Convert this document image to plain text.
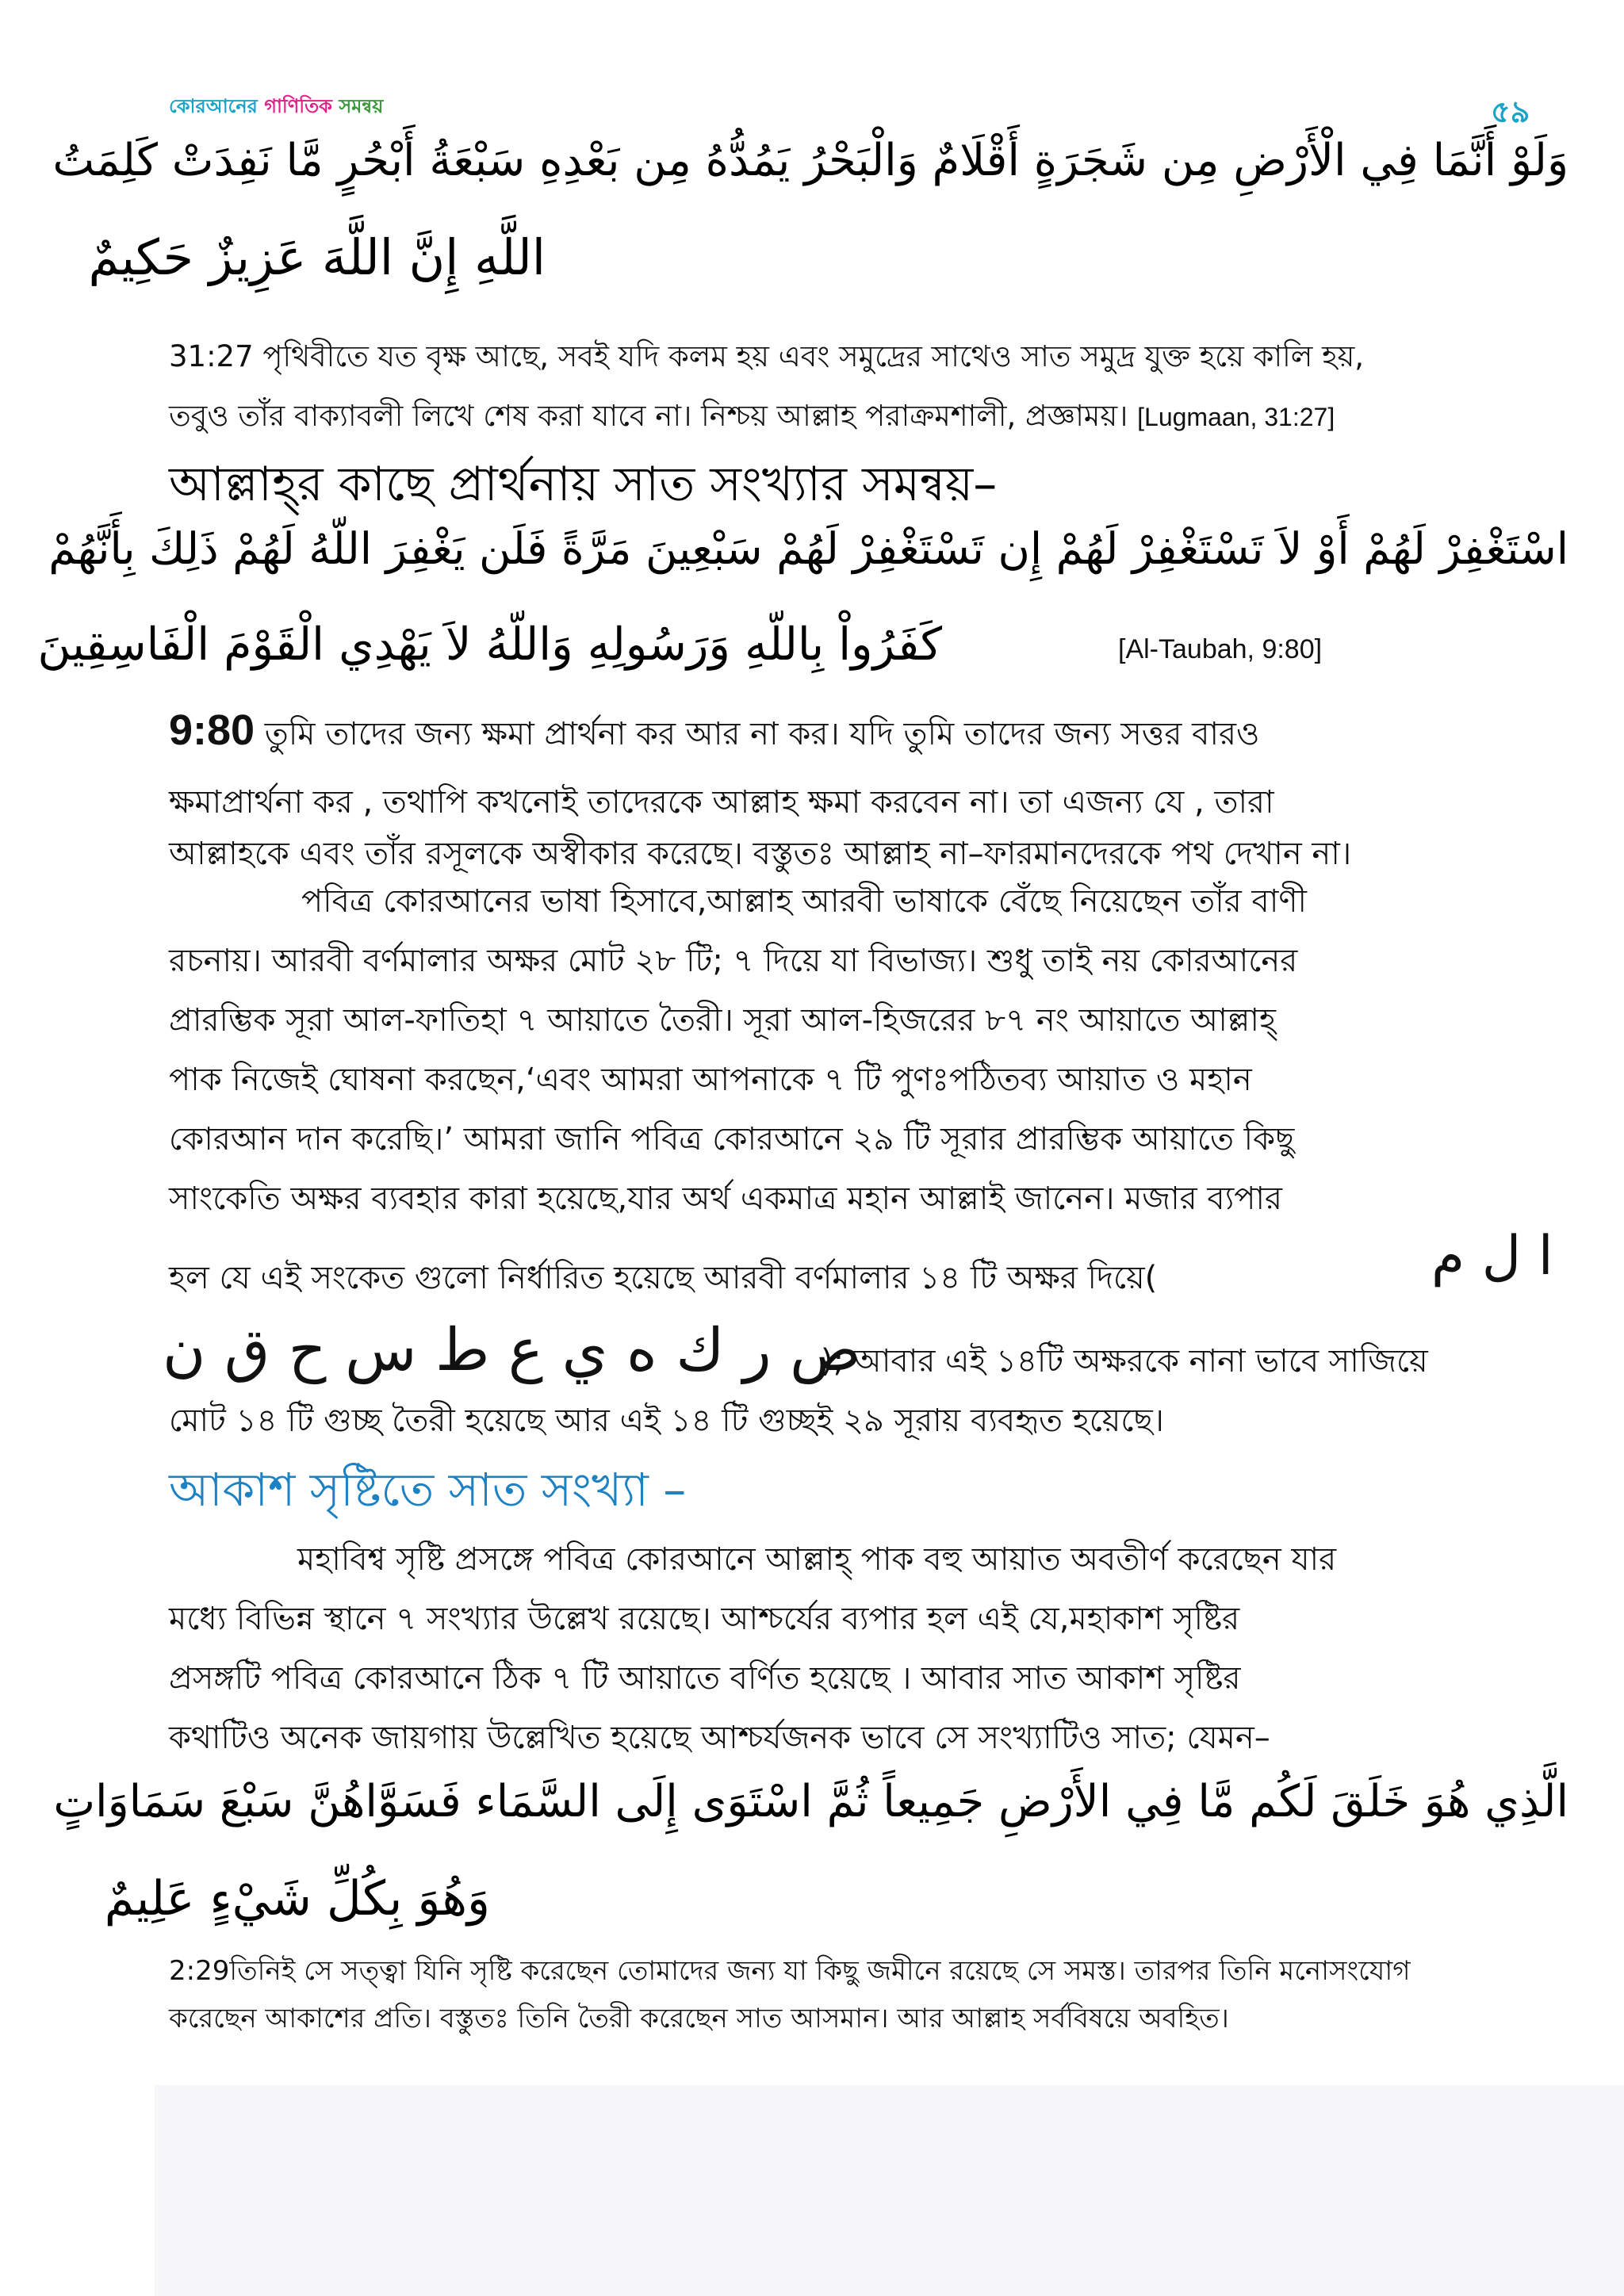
কোরআনের গাণিতিক সমন্বয়	৫৯
وَلَوْ أَنَّمَا فِي الْأَرْضِ مِن شَجَرَةٍ أَقْلَامٌ وَالْبَحْرُ يَمُدُّهُ مِن بَعْدِهِ سَبْعَةُ أَبْحُرٍ مَّا نَفِدَتْ كَلِمَتُ
اللَّهِ إِنَّ اللَّهَ عَزِيزٌ حَكِيمٌ
31:27 পৃথিবীতে যত বৃক্ষ আছে, সবই যদি কলম হয় এবং সমুদ্রের সাথেও সাত সমুদ্র যুক্ত হয়ে কালি হয়,
তবুও তাঁর বাক্যাবলী লিখে শেষ করা যাবে না। নিশ্চয় আল্লাহ পরাক্রমশালী, প্রজ্ঞাময়। [Lugmaan, 31:27]
আল্লাহ্‌র কাছে প্রার্থনায় সাত সংখ্যার সমন্বয়–
اسْتَغْفِرْ لَهُمْ أَوْ لاَ تَسْتَغْفِرْ لَهُمْ إِن تَسْتَغْفِرْ لَهُمْ سَبْعِينَ مَرَّةً فَلَن يَغْفِرَ اللّهُ لَهُمْ ذَلِكَ بِأَنَّهُمْ
كَفَرُواْ بِاللّهِ وَرَسُولِهِ وَاللّهُ لاَ يَهْدِي الْقَوْمَ الْفَاسِقِينَ	[Al-Taubah, 9:80]
9:80 তুমি তাদের জন্য ক্ষমা প্রার্থনা কর আর না কর। যদি তুমি তাদের জন্য সত্তর বারও
ক্ষমাপ্রার্থনা কর , তথাপি কখনোই তাদেরকে আল্লাহ ক্ষমা করবেন না। তা এজন্য যে , তারা
আল্লাহকে এবং তাঁর রসূলকে অস্বীকার করেছে। বস্তুতঃ আল্লাহ না–ফারমানদেরকে পথ দেখান না।
পবিত্র কোরআনের ভাষা হিসাবে,আল্লাহ আরবী ভাষাকে বেঁছে নিয়েছেন তাঁর বাণী
রচনায়। আরবী বর্ণমালার অক্ষর মোট ২৮ টি; ৭ দিয়ে যা বিভাজ্য। শুধু তাই নয় কোরআনের
প্রারম্ভিক সূরা আল-ফাতিহা ৭ আয়াতে তৈরী। সূরা আল-হিজরের ৮৭ নং আয়াতে আল্লাহ্
পাক নিজেই ঘোষনা করছেন,‘এবং আমরা আপনাকে ৭ টি পুণঃপঠিতব্য আয়াত ও মহান
কোরআন দান করেছি।’ আমরা জানি পবিত্র কোরআনে ২৯ টি সূরার প্রারম্ভিক আয়াতে কিছু
সাংকেতি অক্ষর ব্যবহার কারা হয়েছে,যার অর্থ একমাত্র মহান আল্লাই জানেন। মজার ব্যপার
হল যে এই সংকেত গুলো নির্ধারিত হয়েছে আরবী বর্ণমালার ১৪ টি অক্ষর দিয়ে(	ا ل م
ص ر ك ه ي ع ط س ح ق ن
); আবার এই ১৪টি অক্ষরকে নানা ভাবে সাজিয়ে
মোট ১৪ টি গুচ্ছ তৈরী হয়েছে আর এই ১৪ টি গুচ্ছই ২৯ সূরায় ব্যবহৃত হয়েছে।
আকাশ সৃষ্টিতে সাত সংখ্যা –
মহাবিশ্ব সৃষ্টি প্রসঙ্গে পবিত্র কোরআনে আল্লাহ্ পাক বহু আয়াত অবতীর্ণ করেছেন যার
মধ্যে বিভিন্ন স্থানে ৭ সংখ্যার উল্লেখ রয়েছে। আশ্চর্যের ব্যপার হল এই যে,মহাকাশ সৃষ্টির
প্রসঙ্গটি পবিত্র কোরআনে ঠিক ৭ টি আয়াতে বর্ণিত হয়েছে । আবার সাত আকাশ সৃষ্টির
কথাটিও অনেক জায়গায় উল্লেখিত হয়েছে আশ্চর্যজনক ভাবে সে সংখ্যাটিও সাত; যেমন–
الَّذِي هُوَ خَلَقَ لَكُم مَّا فِي الأَرْضِ جَمِيعاً ثُمَّ اسْتَوَى إِلَى السَّمَاء فَسَوَّاهُنَّ سَبْعَ سَمَاوَاتٍ
وَهُوَ بِكُلِّ شَيْءٍ عَلِيمٌ
2:29তিনিই সে সত্ত্বা যিনি সৃষ্টি করেছেন তোমাদের জন্য যা কিছু জমীনে রয়েছে সে সমস্ত। তারপর তিনি মনোসংযোগ
করেছেন আকাশের প্রতি। বস্তুতঃ তিনি তৈরী করেছেন সাত আসমান। আর আল্লাহ সর্ববিষয়ে অবহিত।
